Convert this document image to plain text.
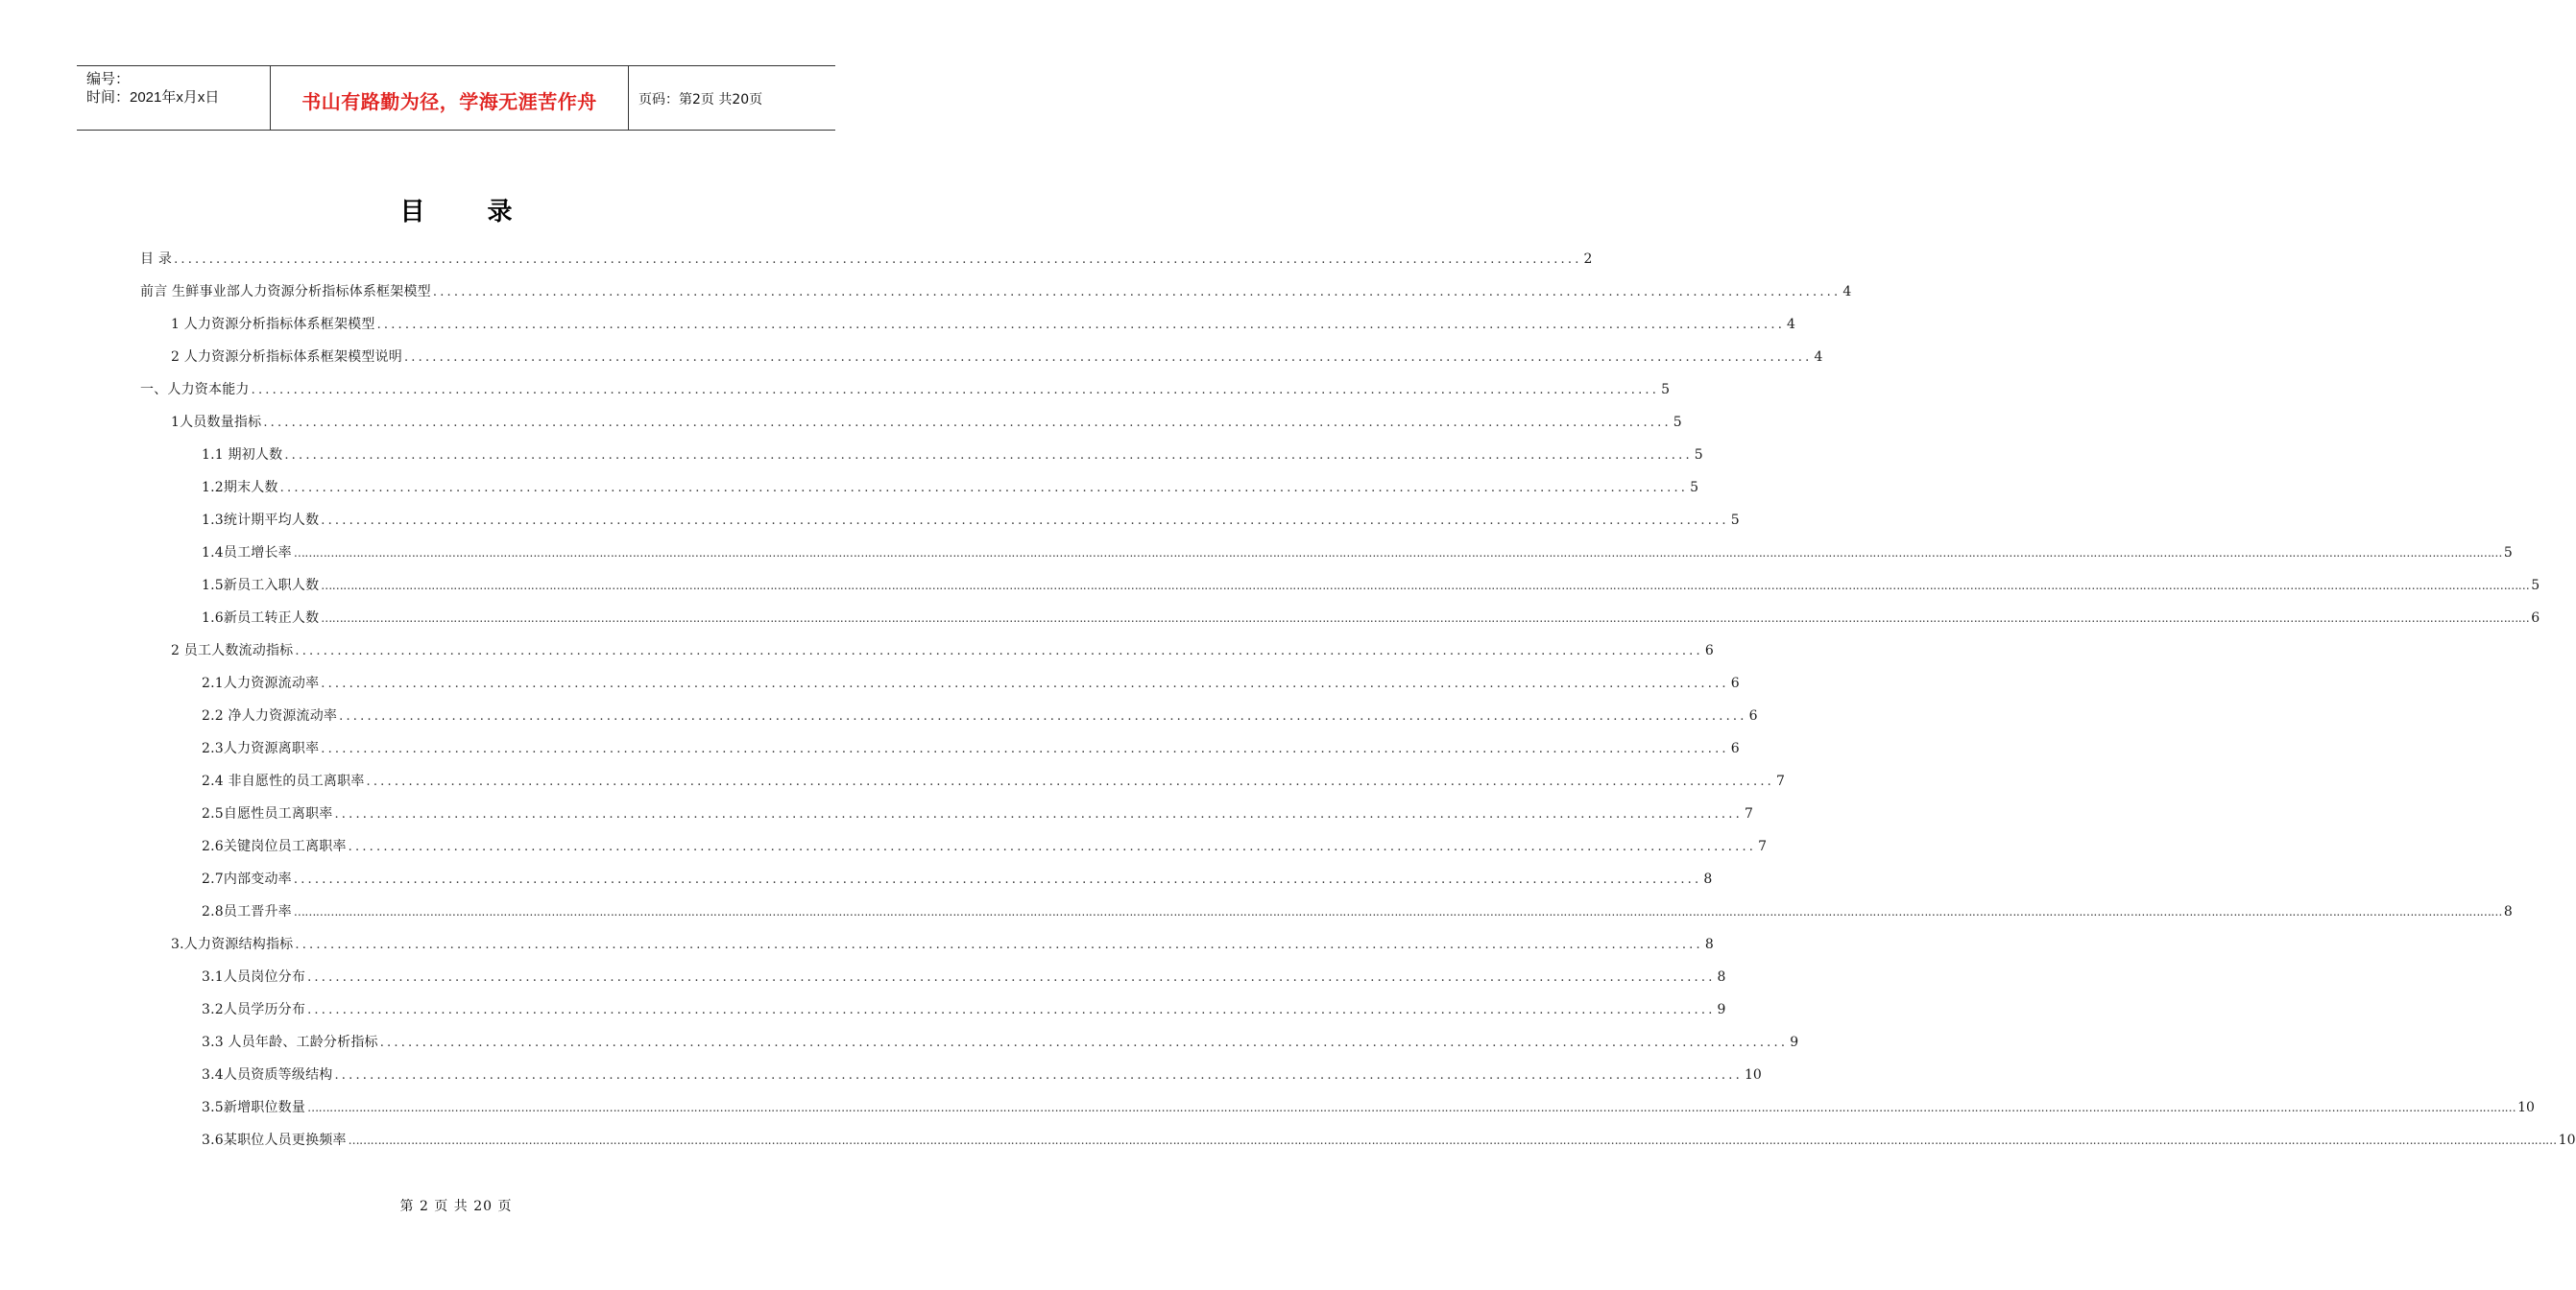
编号：
时间：2021年x月x日	书山有路勤为径，学海无涯苦作舟	页码：第2页 共20页
目 录
目 录 ........................................................................................................................................................................................................ 2
前言 生鲜事业部人力资源分析指标体系框架模型 ........................................................................................................................................................................................................ 4
1 人力资源分析指标体系框架模型 ........................................................................................................................................................................................................ 4
2 人力资源分析指标体系框架模型说明 ........................................................................................................................................................................................................ 4
一、人力资本能力 ........................................................................................................................................................................................................ 5
1人员数量指标 ........................................................................................................................................................................................................ 5
1.1 期初人数 ........................................................................................................................................................................................................ 5
1.2期末人数 ........................................................................................................................................................................................................ 5
1.3统计期平均人数 ........................................................................................................................................................................................................ 5
1.4员工增长率 …………………………………………………………………………………………………………………………………………………………………………………………………………………………………………………………………………………………………………………………………………………………………………………………………………………………………………………………………………………………………………………………………………………… 5
1.5新员工入职人数 …………………………………………………………………………………………………………………………………………………………………………………………………………………………………………………………………………………………………………………………………………………………………………………………………………………………………………………………………………………………………………………………………………………… 5
1.6新员工转正人数 …………………………………………………………………………………………………………………………………………………………………………………………………………………………………………………………………………………………………………………………………………………………………………………………………………………………………………………………………………………………………………………………………………………… 6
2 员工人数流动指标 ........................................................................................................................................................................................................ 6
2.1人力资源流动率 ........................................................................................................................................................................................................ 6
2.2 净人力资源流动率 ........................................................................................................................................................................................................ 6
2.3人力资源离职率 ........................................................................................................................................................................................................ 6
2.4 非自愿性的员工离职率 ........................................................................................................................................................................................................ 7
2.5自愿性员工离职率 ........................................................................................................................................................................................................ 7
2.6关键岗位员工离职率 ........................................................................................................................................................................................................ 7
2.7内部变动率 ........................................................................................................................................................................................................ 8
2.8员工晋升率 …………………………………………………………………………………………………………………………………………………………………………………………………………………………………………………………………………………………………………………………………………………………………………………………………………………………………………………………………………………………………………………………………………………… 8
3.人力资源结构指标 ........................................................................................................................................................................................................ 8
3.1人员岗位分布 ........................................................................................................................................................................................................ 8
3.2人员学历分布 ........................................................................................................................................................................................................ 9
3.3 人员年龄、工龄分析指标 ........................................................................................................................................................................................................ 9
3.4人员资质等级结构 ........................................................................................................................................................................................................ 10
3.5新增职位数量 …………………………………………………………………………………………………………………………………………………………………………………………………………………………………………………………………………………………………………………………………………………………………………………………………………………………………………………………………………………………………………………………………………………… 10
3.6某职位人员更换频率 …………………………………………………………………………………………………………………………………………………………………………………………………………………………………………………………………………………………………………………………………………………………………………………………………………………………………………………………………………………………………………………………………………………… 10
第 2 页 共 20 页
